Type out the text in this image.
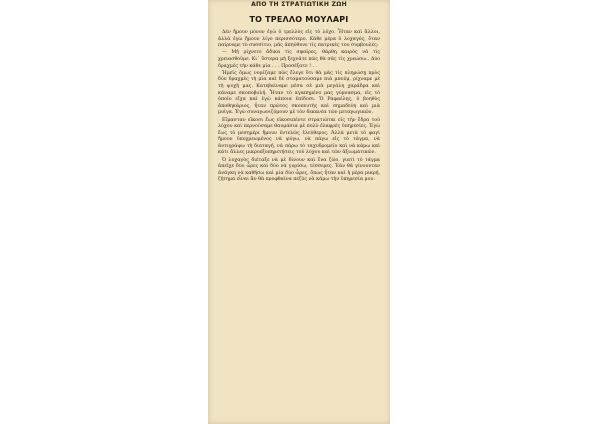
ΑΠΟ ΤΗ ΣΤΡΑΤΙΩΤΙΚΗ ΖΩΗ
ΤΟ ΤΡΕΛΛΟ ΜΟΥΛΑΡΙ

Δὲν ἤμουν μόνον ἐγὼ ὁ τρελλὸς εἰς τὸ λόχο. Ἦταν καὶ ἄλλοι, ἀλλὰ ἐγὼ ἤμουν λίγο περισσότερο. Κάθε μέρα ὁ λοχαγός, ὅταν παίρναμε τὸ συσσίτιο, μᾶς ἀπηύθυνε τὶς πατρικὲς του συμβουλές:

— Μὴ ρίχνετε ἄδικα τὶς σφαῖρες, θάρθῃ καιρὸς νὰ τὶς χρειασθοῦμε. Κι᾽ ὕστερα μὴ ξεχνᾶτε πῶς θὰ σᾶς τὶς χρεώσω.. Δύο δραχμὲς τὴν κάθε μία . . . Προσέξατε ! . .

Ἡμεῖς ὅμως νομίζαμε πῶς ἔλεγε ὅτι θὰ μᾶς τὶς πληρώσῃ πρὸς δύο δραχμὲς τὴ μία καὶ δὲ σταματούσαμε πιὰ μπούμ, ρίχναμε μὲ τὴ ψυχή μας. Κατεβαίναμε μέσα σὲ μιὰ μεγάλη χαράδρα καὶ κάναμε σκοποβολή. Ἦταν τὸ αγαπημένο μας γύμνασμα, εἰς τὸ ὁποῖο εἴχα καὶ ἐγὼ κάποια ἐπίδοσι. Ὁ Ραφαέλης, ὁ βοηθὸς ἀποθηκάριος, ἦταν πρῶτος σκοπευτὴς καὶ σημαδεύη καὶ μιὰ μυῖγα. Ἐγὼ συναγωνιζόμουν μὲ τὸν δεκανέα τῶν μεταγωγικῶν.

Εἴμασταν εἴκοσι ἕως εἰκοσιπέντε στρατιῶται εἰς τὴν ἕδρα τοῦ λόχου καὶ περνούσαμε θαυμάσια μὲ πολὺ ἐλαφρὲς ὑπηρεσίες. Ἐγὼ ἕως τὸ μεσημέρι ἤμουν ἐντελῶς ἐλεύθερος. Ἀλλὰ μετὰ τὸ φαγὶ ἤμουν ὑποχρεωμένος νὰ φύγω, νὰ πάγω εἰς τὸ τάγμα, νὰ ἀντιγράψω τὴ διαταγή, νὰ πάρω τὸ ταχυδρομεῖο καὶ νὰ κάμω καὶ κάτι ἄλλες μικροεξυπηρετήσεις τοῦ λόχου καὶ τῶν ἀξιωματικῶν.

Ὁ λοχαγὸς διέταξε νὰ μὲ δίνουν καὶ ἕνα ζῶο, γιατί τὸ τάγμα ἀπεῖχε δύο ὧρες καὶ δύο νὰ γυρίσω, τέσσερες. Ἐὰν θὰ γίνουνταν ἀνάγκη νὰ καθήσω καὶ μία δύο ὧρες, ὅπως ἦταν καὶ ἡ μέρα μικρή, ζήτημα εἶναι ἂν θὰ προφθαίνα πεζὸς νὰ κάμω τὴν ὑπηρεσία μου.
